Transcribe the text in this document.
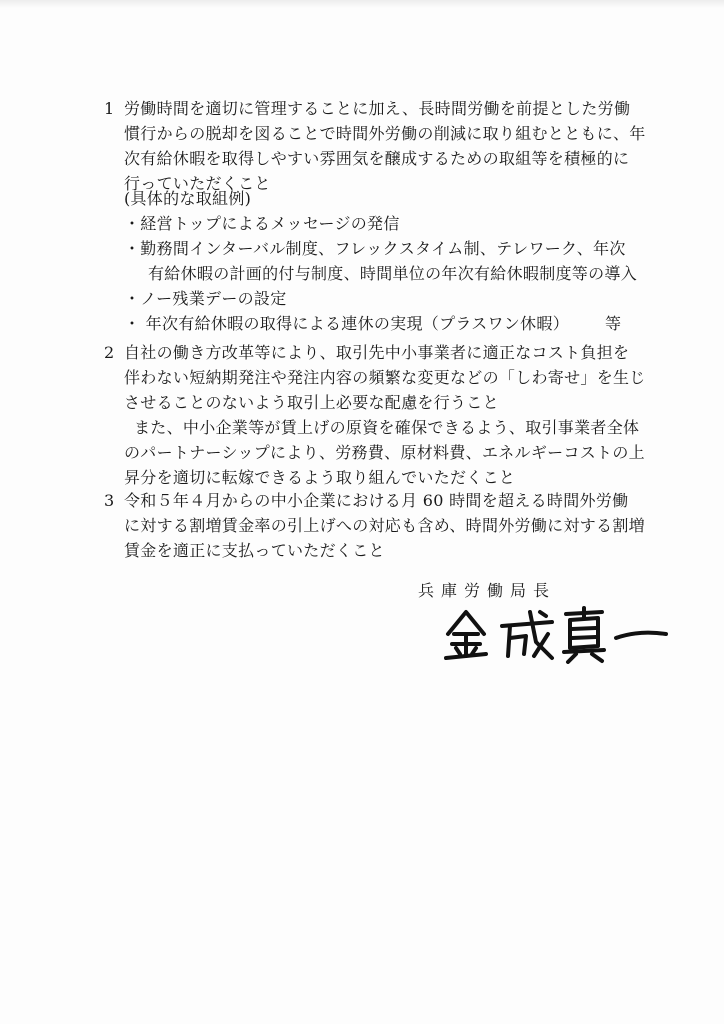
1 労働時間を適切に管理することに加え、長時間労働を前提とした労働
慣行からの脱却を図ることで時間外労働の削減に取り組むとともに、年
次有給休暇を取得しやすい雰囲気を醸成するための取組等を積極的に
行っていただくこと
(具体的な取組例)
・経営トップによるメッセージの発信
・勤務間インターバル制度、フレックスタイム制、テレワーク、年次
有給休暇の計画的付与制度、時間単位の年次有給休暇制度等の導入
・ノー残業デーの設定
・ 年次有給休暇の取得による連休の実現（プラスワン休暇） 等
2 自社の働き方改革等により、取引先中小事業者に適正なコスト負担を
伴わない短納期発注や発注内容の頻繁な変更などの「しわ寄せ」を生じ
させることのないよう取引上必要な配慮を行うこと
また、中小企業等が賃上げの原資を確保できるよう、取引事業者全体
のパートナーシップにより、労務費、原材料費、エネルギーコストの上
昇分を適切に転嫁できるよう取り組んでいただくこと
3 令和５年４月からの中小企業における月 60 時間を超える時間外労働
に対する割増賃金率の引上げへの対応も含め、時間外労働に対する割増
賃金を適正に支払っていただくこと
兵庫労働局長
